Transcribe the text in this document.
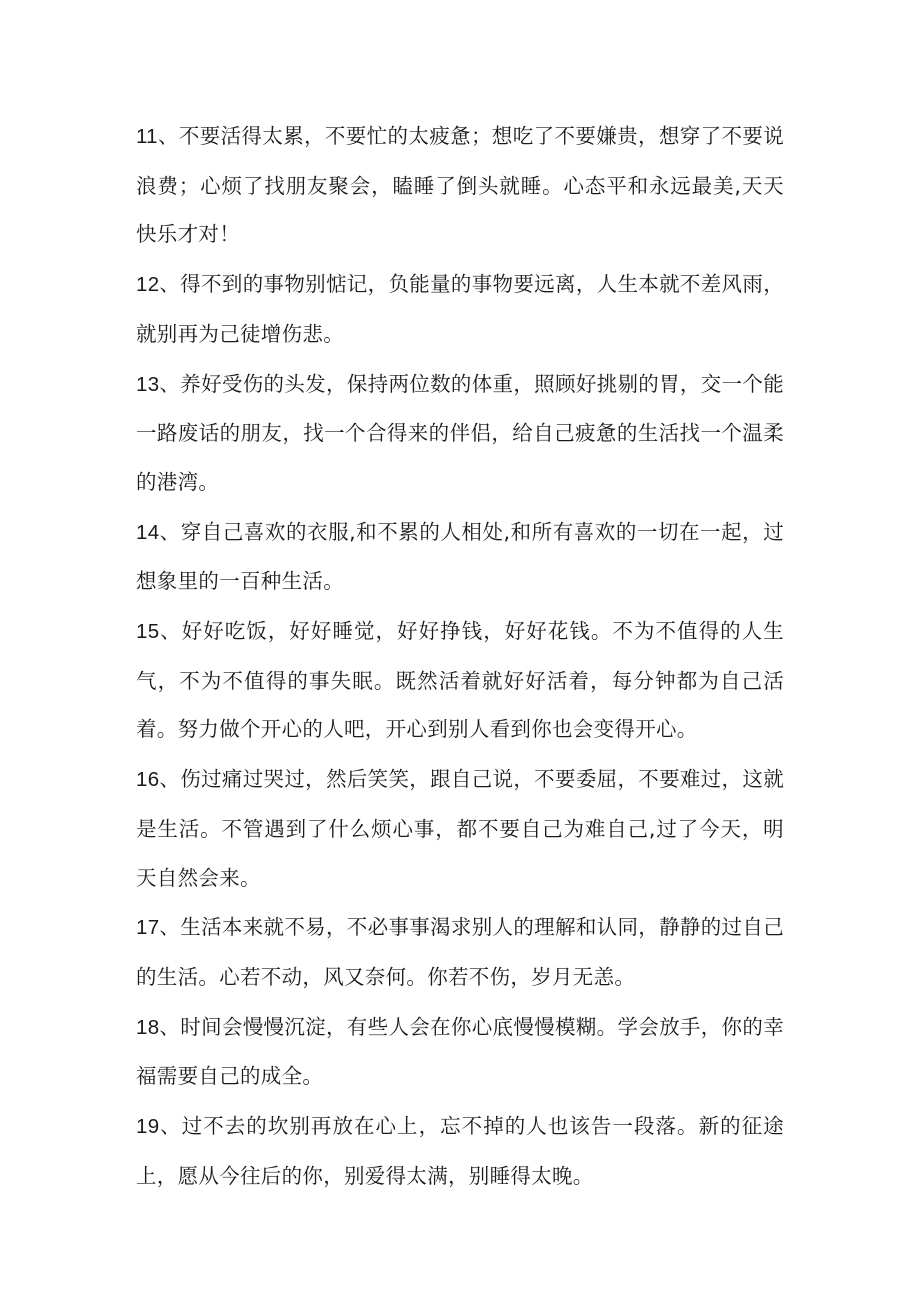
11、不要活得太累，不要忙的太疲惫；想吃了不要嫌贵，想穿了不要说浪费；心烦了找朋友聚会，瞌睡了倒头就睡。心态平和永远最美,天天快乐才对！

12、得不到的事物别惦记，负能量的事物要远离，人生本就不差风雨，就别再为己徒增伤悲。

13、养好受伤的头发，保持两位数的体重，照顾好挑剔的胃，交一个能一路废话的朋友，找一个合得来的伴侣，给自己疲惫的生活找一个温柔的港湾。

14、穿自己喜欢的衣服,和不累的人相处,和所有喜欢的一切在一起，过想象里的一百种生活。

15、好好吃饭，好好睡觉，好好挣钱，好好花钱。不为不值得的人生气，不为不值得的事失眠。既然活着就好好活着，每分钟都为自己活着。努力做个开心的人吧，开心到别人看到你也会变得开心。

16、伤过痛过哭过，然后笑笑，跟自己说，不要委屈，不要难过，这就是生活。不管遇到了什么烦心事，都不要自己为难自己,过了今天，明天自然会来。

17、生活本来就不易，不必事事渴求别人的理解和认同，静静的过自己的生活。心若不动，风又奈何。你若不伤，岁月无恙。

18、时间会慢慢沉淀，有些人会在你心底慢慢模糊。学会放手，你的幸福需要自己的成全。

19、过不去的坎别再放在心上，忘不掉的人也该告一段落。新的征途上，愿从今往后的你，别爱得太满，别睡得太晚。
